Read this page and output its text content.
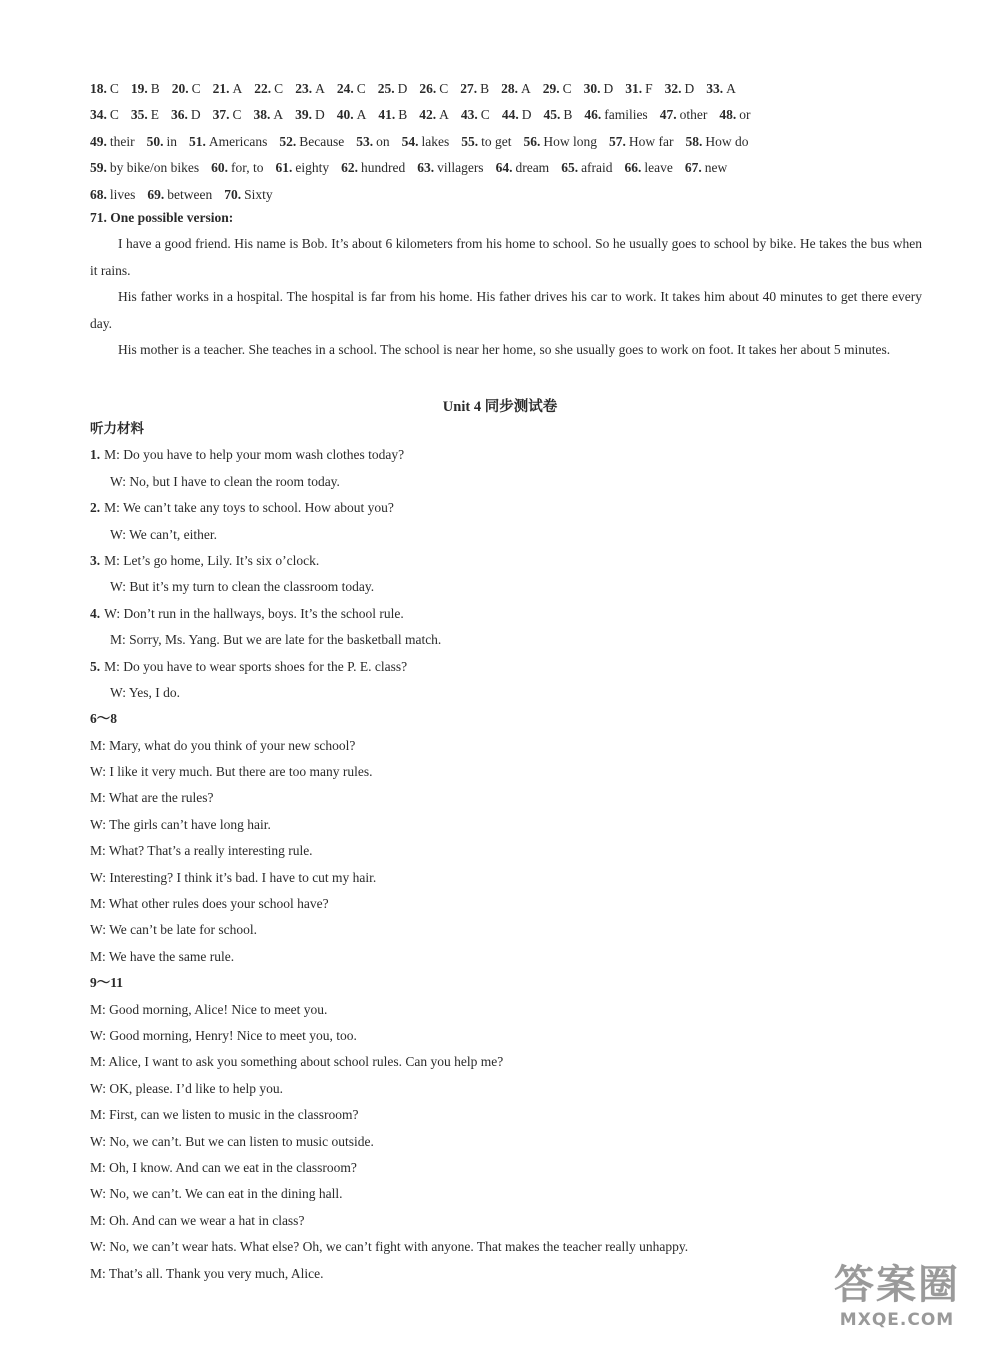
18. C 19. B 20. C 21. A 22. C 23. A 24. C 25. D 26. C 27. B 28. A 29. C 30. D 31. F 32. D 33. A
34. C 35. E 36. D 37. C 38. A 39. D 40. A 41. B 42. A 43. C 44. D 45. B 46. families 47. other 48. or
49. their 50. in 51. Americans 52. Because 53. on 54. lakes 55. to get 56. How long 57. How far 58. How do
59. by bike/on bikes 60. for, to 61. eighty 62. hundred 63. villagers 64. dream 65. afraid 66. leave 67. new
68. lives 69. between 70. Sixty
71. One possible version:

I have a good friend. His name is Bob. It’s about 6 kilometers from his home to school. So he usually goes to school by bike. He takes the bus when it rains.

His father works in a hospital. The hospital is far from his home. His father drives his car to work. It takes him about 40 minutes to get there every day.

His mother is a teacher. She teaches in a school. The school is near her home, so she usually goes to work on foot. It takes her about 5 minutes.

Unit 4 同步测试卷
听力材料
1. M: Do you have to help your mom wash clothes today?
W: No, but I have to clean the room today.
2. M: We can’t take any toys to school. How about you?
W: We can’t, either.
3. M: Let’s go home, Lily. It’s six o’clock.
W: But it’s my turn to clean the classroom today.
4. W: Don’t run in the hallways, boys. It’s the school rule.
M: Sorry, Ms. Yang. But we are late for the basketball match.
5. M: Do you have to wear sports shoes for the P. E. class?
W: Yes, I do.
6～8
M: Mary, what do you think of your new school?
W: I like it very much. But there are too many rules.
M: What are the rules?
W: The girls can’t have long hair.
M: What? That’s a really interesting rule.
W: Interesting? I think it’s bad. I have to cut my hair.
M: What other rules does your school have?
W: We can’t be late for school.
M: We have the same rule.
9～11
M: Good morning, Alice! Nice to meet you.
W: Good morning, Henry! Nice to meet you, too.
M: Alice, I want to ask you something about school rules. Can you help me?
W: OK, please. I’d like to help you.
M: First, can we listen to music in the classroom?
W: No, we can’t. But we can listen to music outside.
M: Oh, I know. And can we eat in the classroom?
W: No, we can’t. We can eat in the dining hall.
M: Oh. And can we wear a hat in class?
W: No, we can’t wear hats. What else? Oh, we can’t fight with anyone. That makes the teacher really unhappy.
M: That’s all. Thank you very much, Alice.	答案圈
MXQE.COM
